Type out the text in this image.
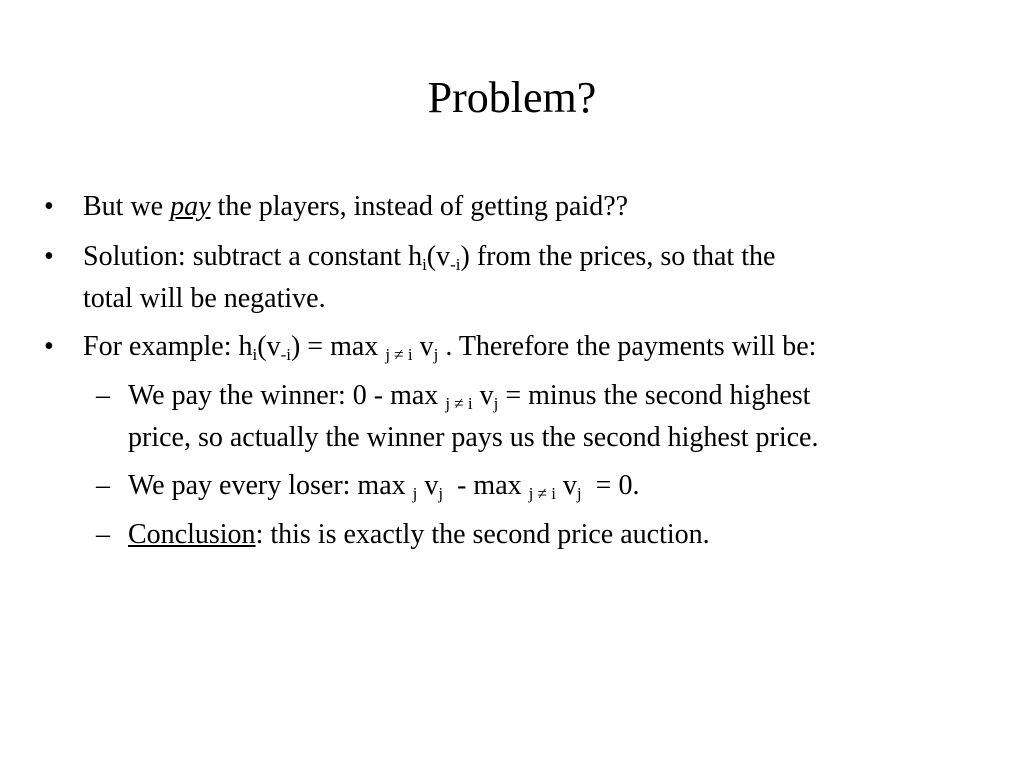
Problem?
•	But we pay the players, instead of getting paid??
•	Solution: subtract a constant $h_i(v_{-i})$ from the prices, so that the
total will be negative.
•	For example: $h_i(v_{-i}) = \max _{j \ne i}$ $v_j$ . Therefore the payments will be:
– We pay the winner: 0 - max $_{j \ne i}$ $v_j$ = minus the second highest
price, so actually the winner pays us the second highest price.
– We pay every loser: max $_j$ $v_j$  - max $_{j \ne i}$ $v_j = 0$.
– Conclusion: this is exactly the second price auction.
